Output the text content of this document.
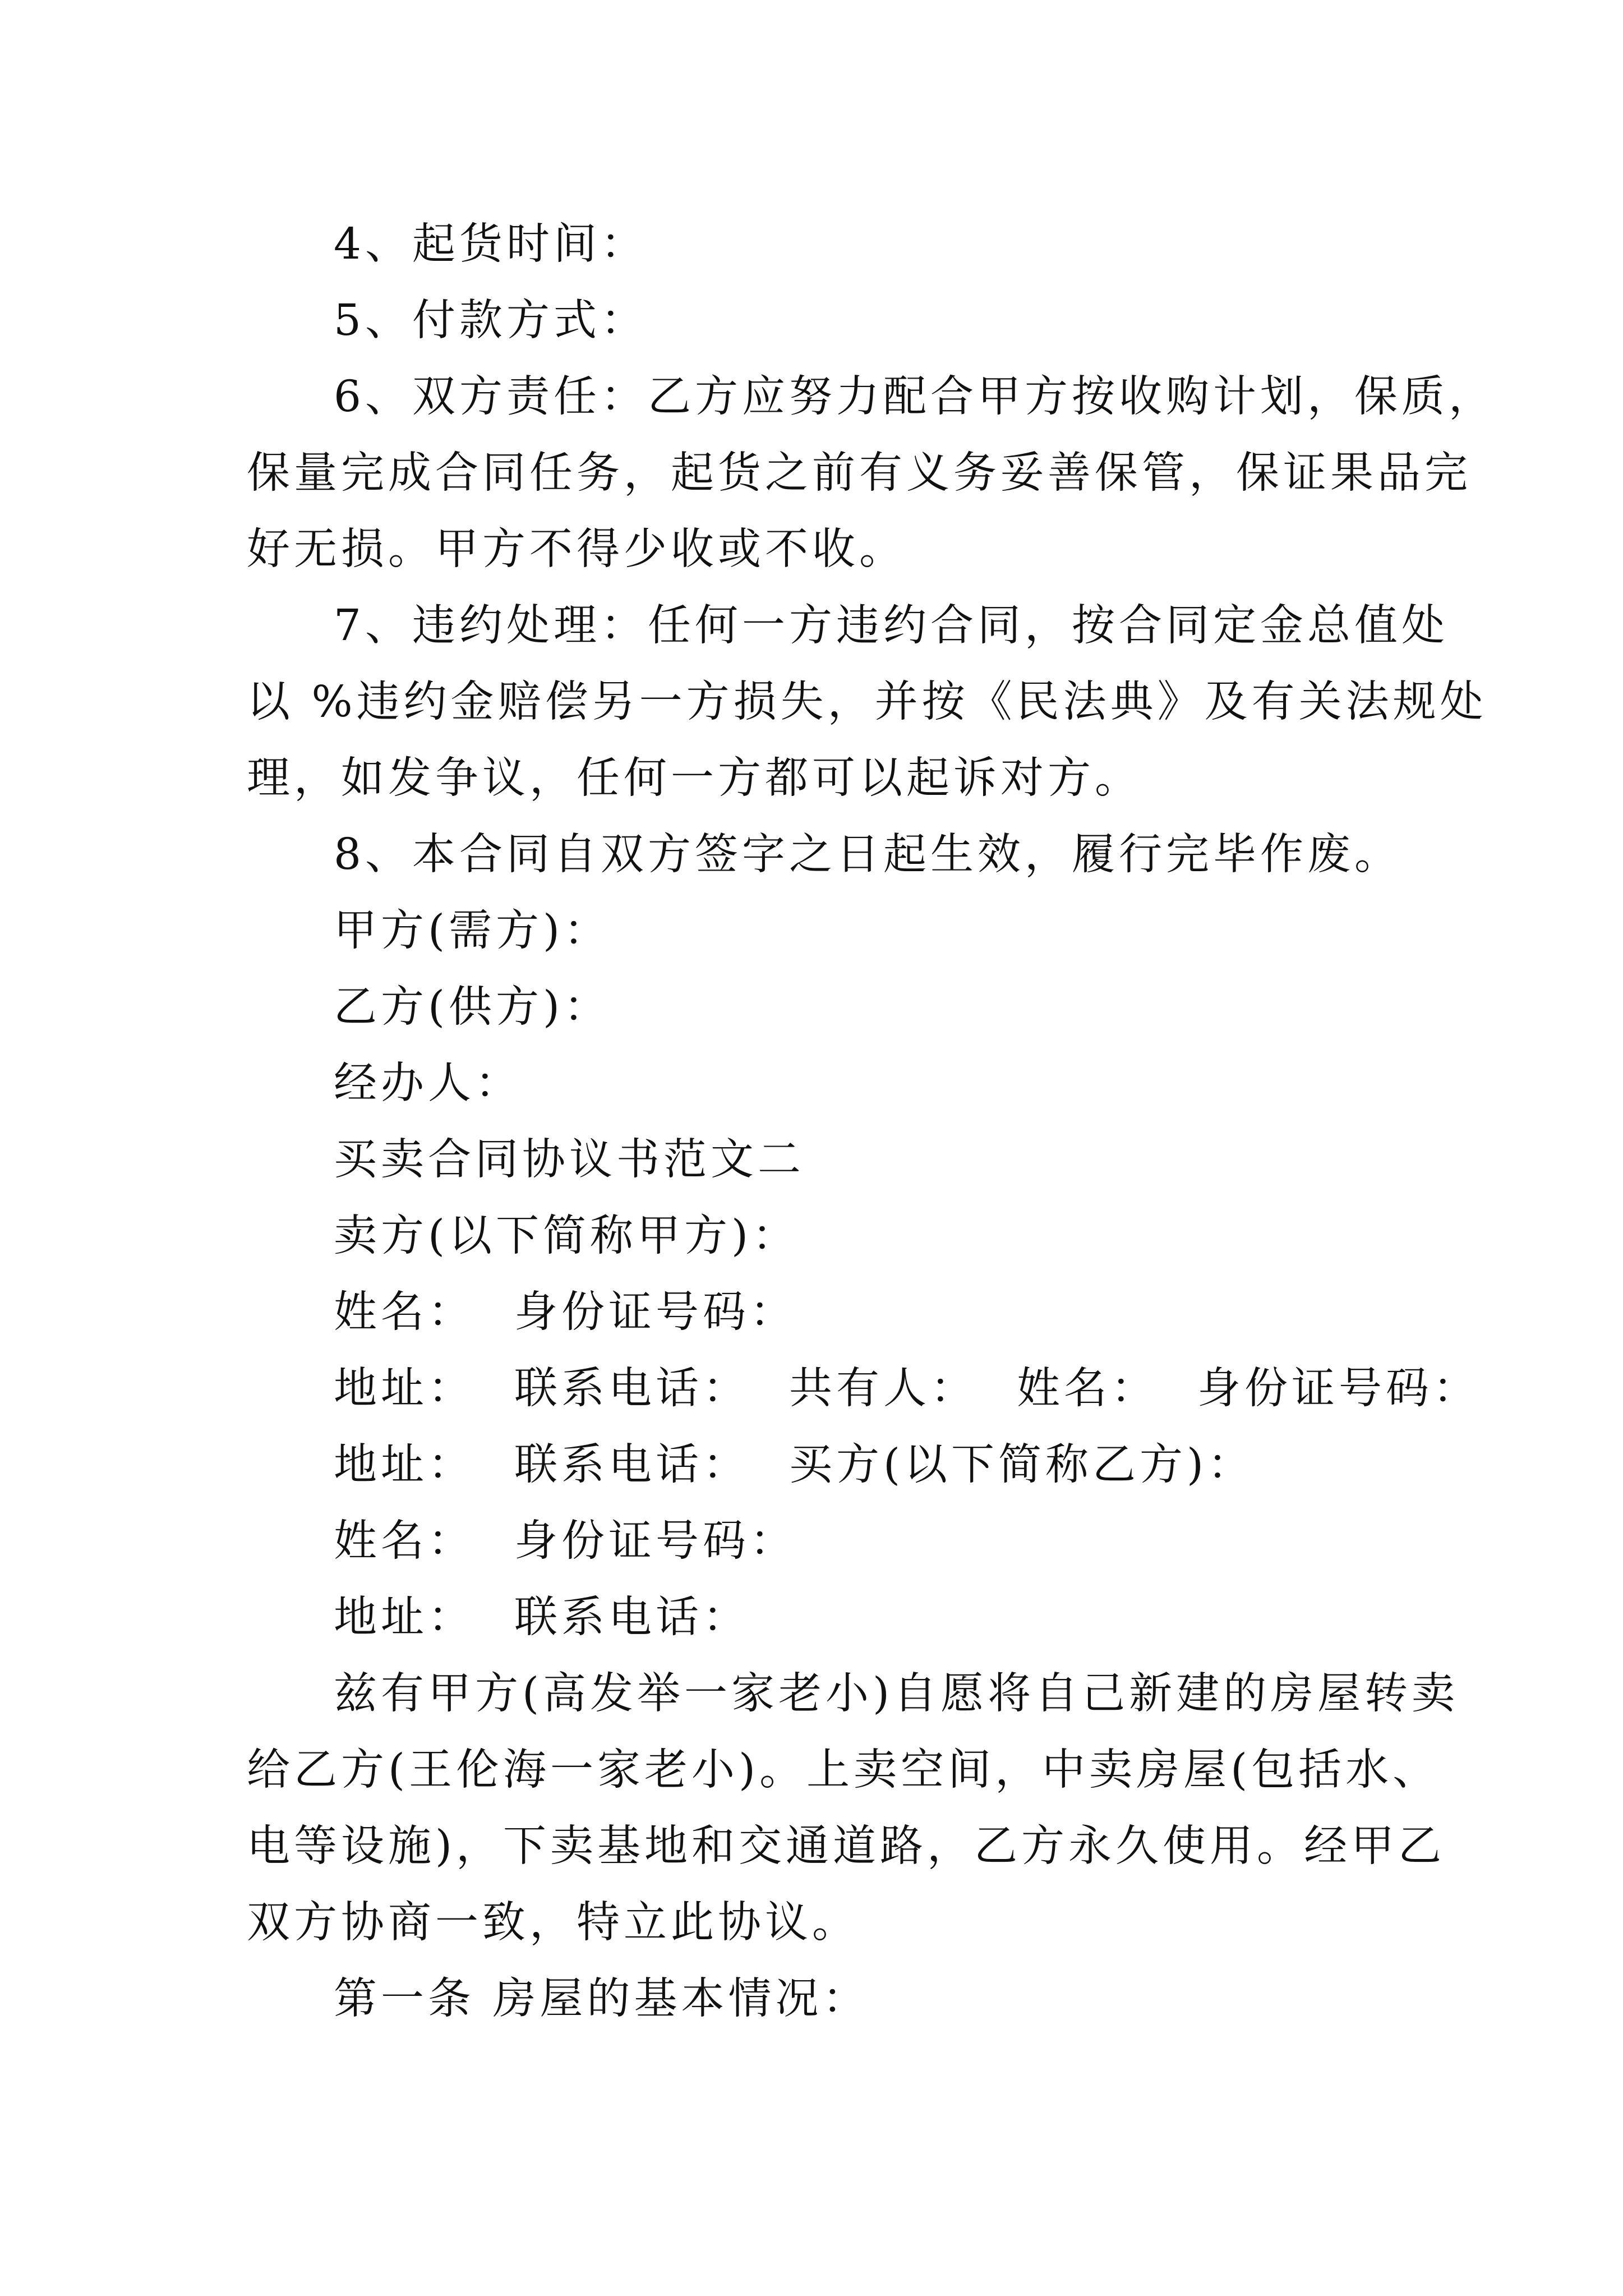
4、起货时间：
5、付款方式：
6、双方责任：乙方应努力配合甲方按收购计划，保质，
保量完成合同任务，起货之前有义务妥善保管，保证果品完
好无损。甲方不得少收或不收。
7、违约处理：任何一方违约合同，按合同定金总值处
以 %违约金赔偿另一方损失，并按《民法典》及有关法规处
理，如发争议，任何一方都可以起诉对方。
8、本合同自双方签字之日起生效，履行完毕作废。
甲方(需方)：
乙方(供方)：
经办人：
买卖合同协议书范文二
卖方(以下简称甲方)：
姓名： 身份证号码：
地址： 联系电话： 共有人： 姓名： 身份证号码：
地址： 联系电话： 买方(以下简称乙方)：
姓名： 身份证号码：
地址： 联系电话：
兹有甲方(高发举一家老小)自愿将自己新建的房屋转卖
给乙方(王伦海一家老小)。上卖空间，中卖房屋(包括水、
电等设施)，下卖基地和交通道路，乙方永久使用。经甲乙
双方协商一致，特立此协议。
第一条 房屋的基本情况：
